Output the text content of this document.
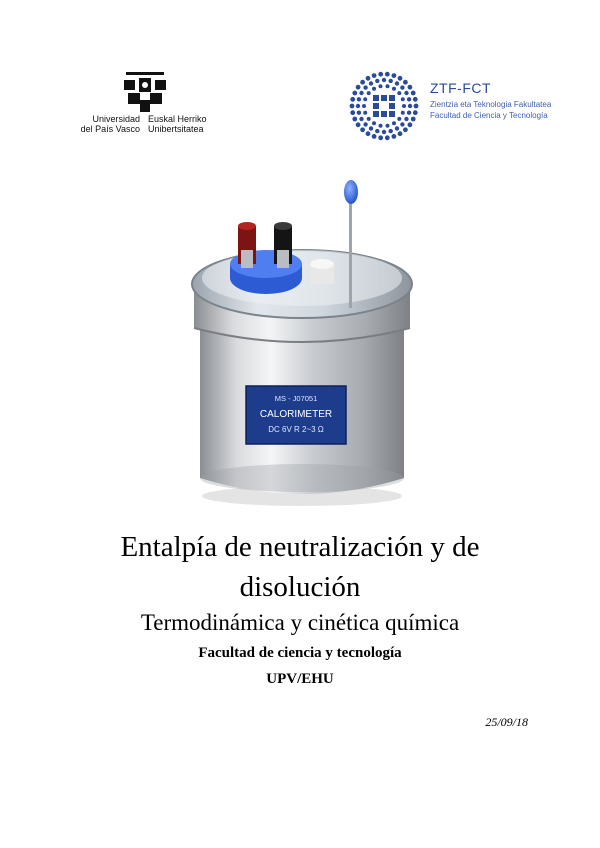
Universidad
del País Vasco
Euskal Herriko
Unibertsitatea
ZTF-FCT
Zientzia eta Teknologia Fakultatea
Facultad de Ciencia y Tecnología
MS - J07051
CALORIMETER
DC 6V R 2~3 Ω
Entalpía de neutralización y de
disolución
Termodinámica y cinética química
Facultad de ciencia y tecnología
UPV/EHU
25/09/18
